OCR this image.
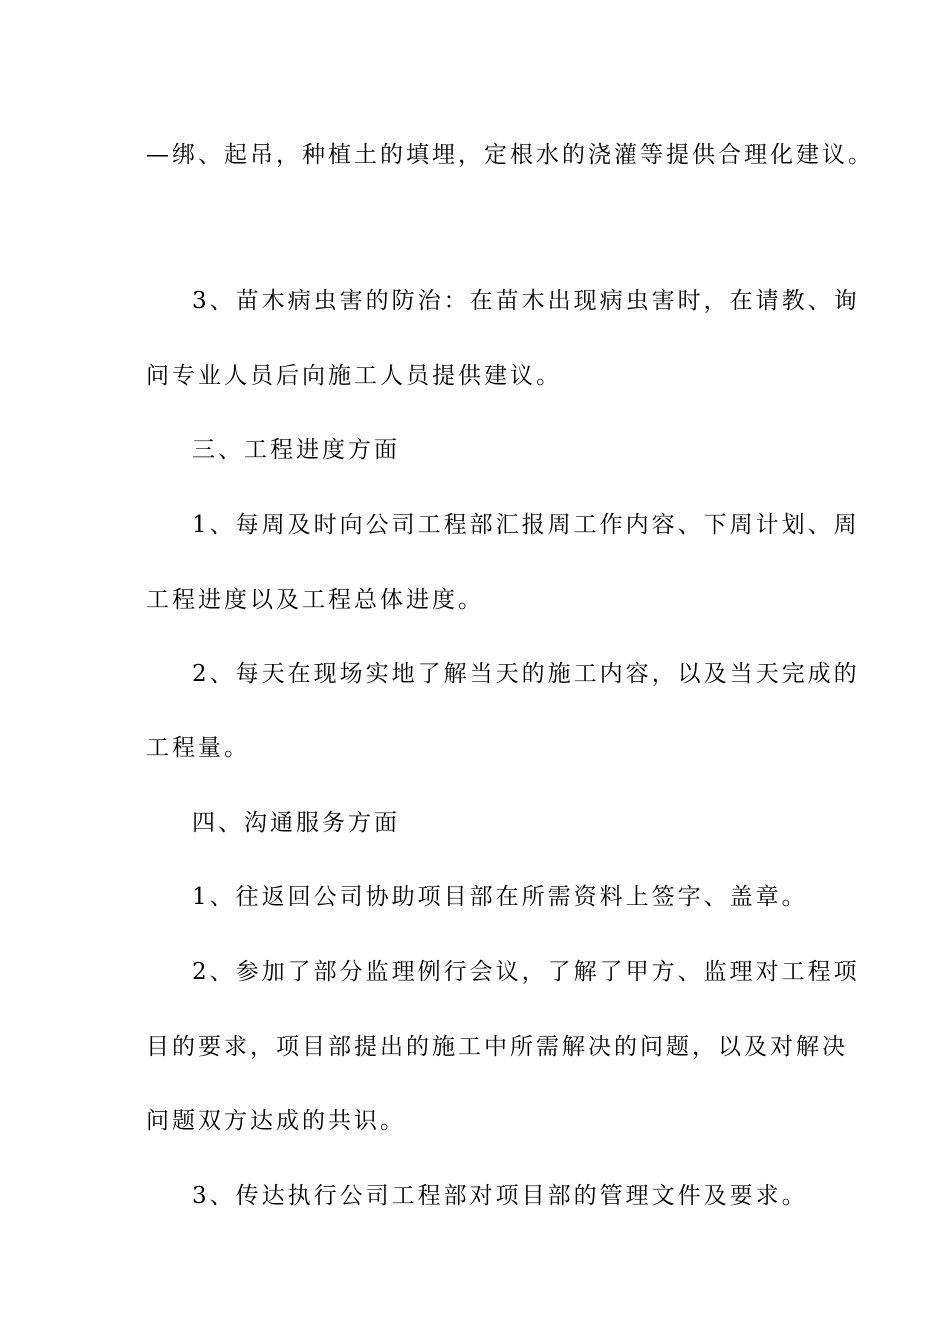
—绑、起吊，种植土的填埋，定根水的浇灌等提供合理化建议。

3、苗木病虫害的防治：在苗木出现病虫害时，在请教、询

问专业人员后向施工人员提供建议。

三、工程进度方面

1、每周及时向公司工程部汇报周工作内容、下周计划、周

工程进度以及工程总体进度。

2、每天在现场实地了解当天的施工内容，以及当天完成的

工程量。

四、沟通服务方面

1、往返回公司协助项目部在所需资料上签字、盖章。

2、参加了部分监理例行会议，了解了甲方、监理对工程项

目的要求，项目部提出的施工中所需解决的问题，以及对解决

问题双方达成的共识。

3、传达执行公司工程部对项目部的管理文件及要求。
